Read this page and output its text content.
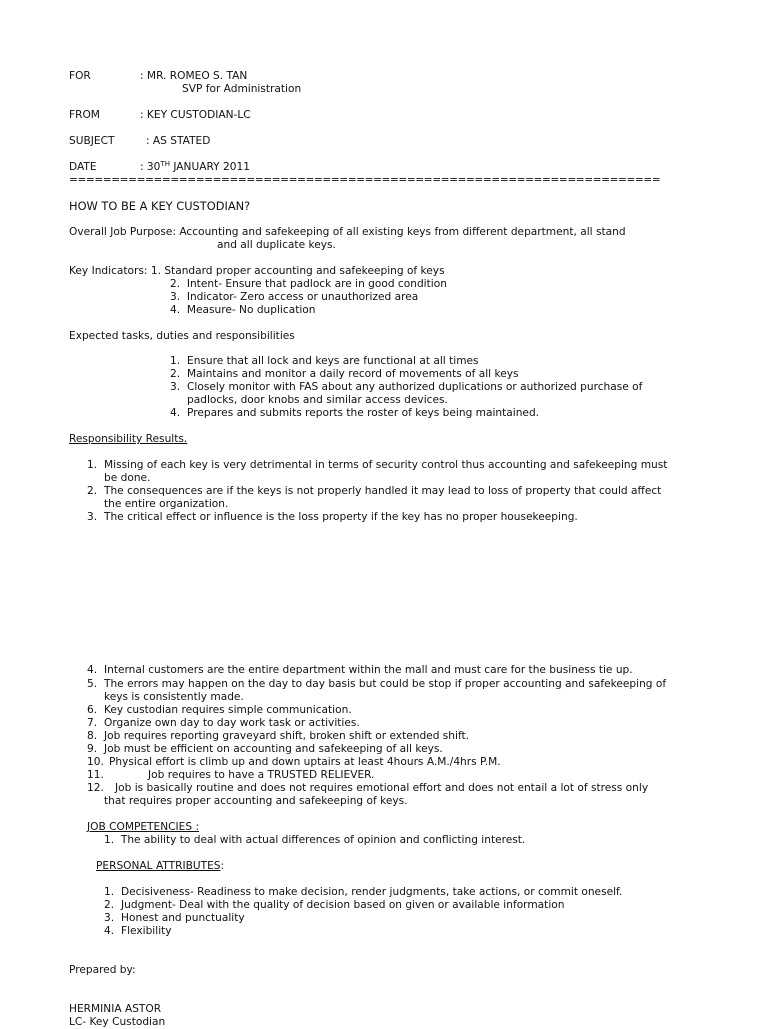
FOR	: MR. ROMEO S. TAN
SVP for Administration
FROM	: KEY CUSTODIAN-LC
SUBJECT	: AS STATED
DATE	: 30TH JANUARY 2011
======================================================================
HOW TO BE A KEY CUSTODIAN?
Overall Job Purpose: Accounting and safekeeping of all existing keys from different department, all stand
and all duplicate keys.
Key Indicators: 1. Standard proper accounting and safekeeping of keys
2.  Intent- Ensure that padlock are in good condition
3.  Indicator- Zero access or unauthorized area
4.  Measure- No duplication
Expected tasks, duties and responsibilities
1. Ensure that all lock and keys are functional at all times
2. Maintains and monitor a daily record of movements of all keys
3. Closely monitor with FAS about any authorized duplications or authorized purchase of
padlocks, door knobs and similar access devices.
4. Prepares and submits reports the roster of keys being maintained.
Responsibility Results.
1. Missing of each key is very detrimental in terms of security control thus accounting and safekeeping must
be done.
2. The consequences are if the keys is not properly handled it may lead to loss of property that could affect
the entire organization.
3. The critical effect or influence is the loss property if the key has no proper housekeeping.
4. Internal customers are the entire department within the mall and must care for the business tie up.
5. The errors may happen on the day to day basis but could be stop if proper accounting and safekeeping of
keys is consistently made.
6. Key custodian requires simple communication.
7. Organize own day to day work task or activities.
8. Job requires reporting graveyard shift, broken shift or extended shift.
9. Job must be efficient on accounting and safekeeping of all keys.
10. Physical effort is climb up and down uptairs at least 4hours A.M./4hrs P.M.
11.	Job requires to have a TRUSTED RELIEVER.
12. Job is basically routine and does not requires emotional effort and does not entail a lot of stress only
that requires proper accounting and safekeeping of keys.
JOB COMPETENCIES :
1.  The ability to deal with actual differences of opinion and conflicting interest.
PERSONAL ATTRIBUTES:
1. Decisiveness- Readiness to make decision, render judgments, take actions, or commit oneself.
2. Judgment- Deal with the quality of decision based on given or available information
3. Honest and punctuality
4. Flexibility
Prepared by:
HERMINIA ASTOR
LC- Key Custodian
